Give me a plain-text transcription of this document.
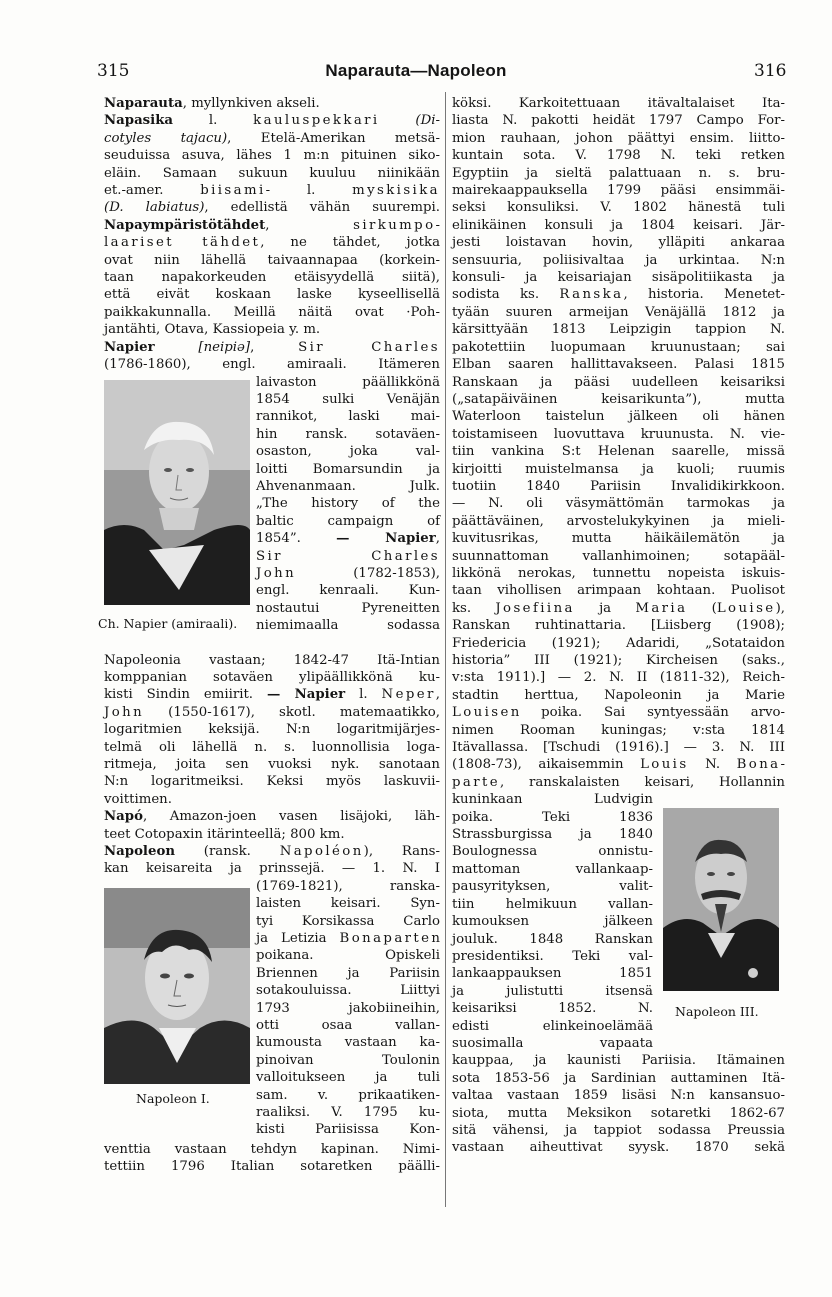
315	Naparauta—Napoleon	316

Naparauta, myllynkiven akseli.

Napasika l. kauluspekkari	(Di-

cotyles tajacu), Etelä-Amerikan metsä-

seuduissa asuva, lähes 1 m:n pituinen siko-

eläin. Samaan sukuun kuuluu niinikään

et.-amer. biisami- l. myskisika

(D. labiatus), edellistä vähän suurempi.

Napaympäristötähdet, sirkumpo-

laariset tähdet, ne tähdet, jotka

ovat niin lähellä taivaannapaa (korkein-

taan napakorkeuden etäisyydellä siitä),

että eivät koskaan laske kyseellisellä

paikkakunnalla. Meillä näitä ovat ·Poh-

jantähti, Otava, Kassiopeia y. m.

Napier	[neipiə], Sir Charles

(1786-1860), engl. amiraali. Itämeren

Ch. Napier (amiraali).

laivaston päällikkönä

1854 sulki Venäjän

rannikot, laski mai-

hin ransk. sotaväen-

osaston, joka val-

loitti Bomarsundin ja

Ahvenanmaan. Julk.

„The history of the

baltic campaign of

1854”. — Napier,

Sir Charles

John (1782-1853),

engl. kenraali. Kun-

nostautui Pyreneitten

niemimaalla sodassa

Napoleonia vastaan; 1842-47 Itä-Intian

komppanian sotaväen ylipäällikkönä ku-

kisti Sindin emiirit. — Napier l. Neper,

John (1550-1617), skotl. matemaatikko,

logaritmien keksijä. N:n logaritmijärjes-

telmä oli lähellä n. s. luonnollisia loga-

ritmeja, joita sen vuoksi nyk. sanotaan

N:n logaritmeiksi. Keksi myös laskuvii-

voittimen.

Napó, Amazon-joen vasen lisäjoki, läh-

teet Cotopaxin itärinteellä; 800 km.

Napoleon (ransk. Napoléon), Rans-

kan keisareita ja prinssejä. — 1. N. I

Napoleon I.

(1769-1821), ranska-

laisten keisari. Syn-

tyi Korsikassa Carlo

ja Letizia Bonaparten

poikana. Opiskeli

Briennen ja Pariisin

sotakouluissa. Liittyi

1793 jakobiineihin,

otti osaa vallan-

kumousta vastaan ka-

pinoivan Toulonin

valloitukseen ja tuli

sam. v. prikaatiken-

raaliksi. V. 1795 ku-

kisti Pariisissa Kon-

venttia vastaan tehdyn kapinan. Nimi-

tettiin 1796 Italian sotaretken päälli-

köksi. Karkoitettuaan itävaltalaiset Ita-

liasta N. pakotti heidät 1797 Campo For-

mion rauhaan, johon päättyi ensim. liitto-

kuntain sota. V. 1798 N. teki retken

Egyptiin ja sieltä palattuaan n. s. bru-

mairekaappauksella 1799 pääsi ensimmäi-

seksi konsuliksi. V. 1802 hänestä tuli

elinikäinen konsuli ja 1804 keisari. Jär-

jesti loistavan hovin, ylläpiti ankaraa

sensuuria, poliisivaltaa ja urkintaa. N:n

konsuli- ja keisariajan sisäpolitiikasta ja

sodista ks. Ranska, historia. Menetet-

tyään suuren armeijan Venäjällä 1812 ja

kärsittyään 1813 Leipzigin tappion N.

pakotettiin luopumaan kruunustaan; sai

Elban saaren hallittavakseen. Palasi 1815

Ranskaan ja pääsi uudelleen keisariksi

(„satapäiväinen keisarikunta”), mutta

Waterloon taistelun jälkeen oli hänen

toistamiseen luovuttava kruunusta. N. vie-

tiin vankina S:t Helenan saarelle, missä

kirjoitti muistelmansa ja kuoli; ruumis

tuotiin 1840 Pariisin Invalidikirkkoon.

— N. oli väsymättömän tarmokas ja

päättäväinen, arvostelukykyinen ja mieli-

kuvitusrikas, mutta häikäilemätön ja

suunnattoman vallanhimoinen; sotapääl-

likkönä nerokas, tunnettu nopeista iskuis-

taan vihollisen arimpaan kohtaan. Puolisot

ks. Josefiina ja Maria (Louise),

Ranskan ruhtinattaria. [Liisberg (1908);

Friedericia (1921); Adaridi, „Sotataidon

historia” III (1921); Kircheisen (saks.,

v:sta 1911).] — 2. N. II (1811-32), Reich-

stadtin herttua, Napoleonin ja Marie

Louisen poika. Sai syntyessään arvo-

nimen Rooman kuningas; v:sta 1814

Itävallassa. [Tschudi (1916).] — 3. N. III

(1808-73), aikaisemmin Louis N. Bona-

parte, ranskalaisten keisari, Hollannin

Napoleon III.

kuninkaan Ludvigin

poika. Teki 1836

Strassburgissa ja 1840

Boulognessa onnistu-

mattoman vallankaap-

pausyrityksen, valit-

tiin helmikuun vallan-

kumouksen jälkeen

jouluk. 1848 Ranskan

presidentiksi. Teki val-

lankaappauksen 1851

ja julistutti itsensä

keisariksi 1852. N.

edisti elinkeinoelämää

suosimalla vapaata

kauppaa, ja kaunisti Pariisia. Itämainen

sota 1853-56 ja Sardinian auttaminen Itä-

valtaa vastaan 1859 lisäsi N:n kansansuo-

siota, mutta Meksikon sotaretki 1862-67

sitä vähensi, ja tappiot sodassa Preussia

vastaan aiheuttivat syysk. 1870 sekä
